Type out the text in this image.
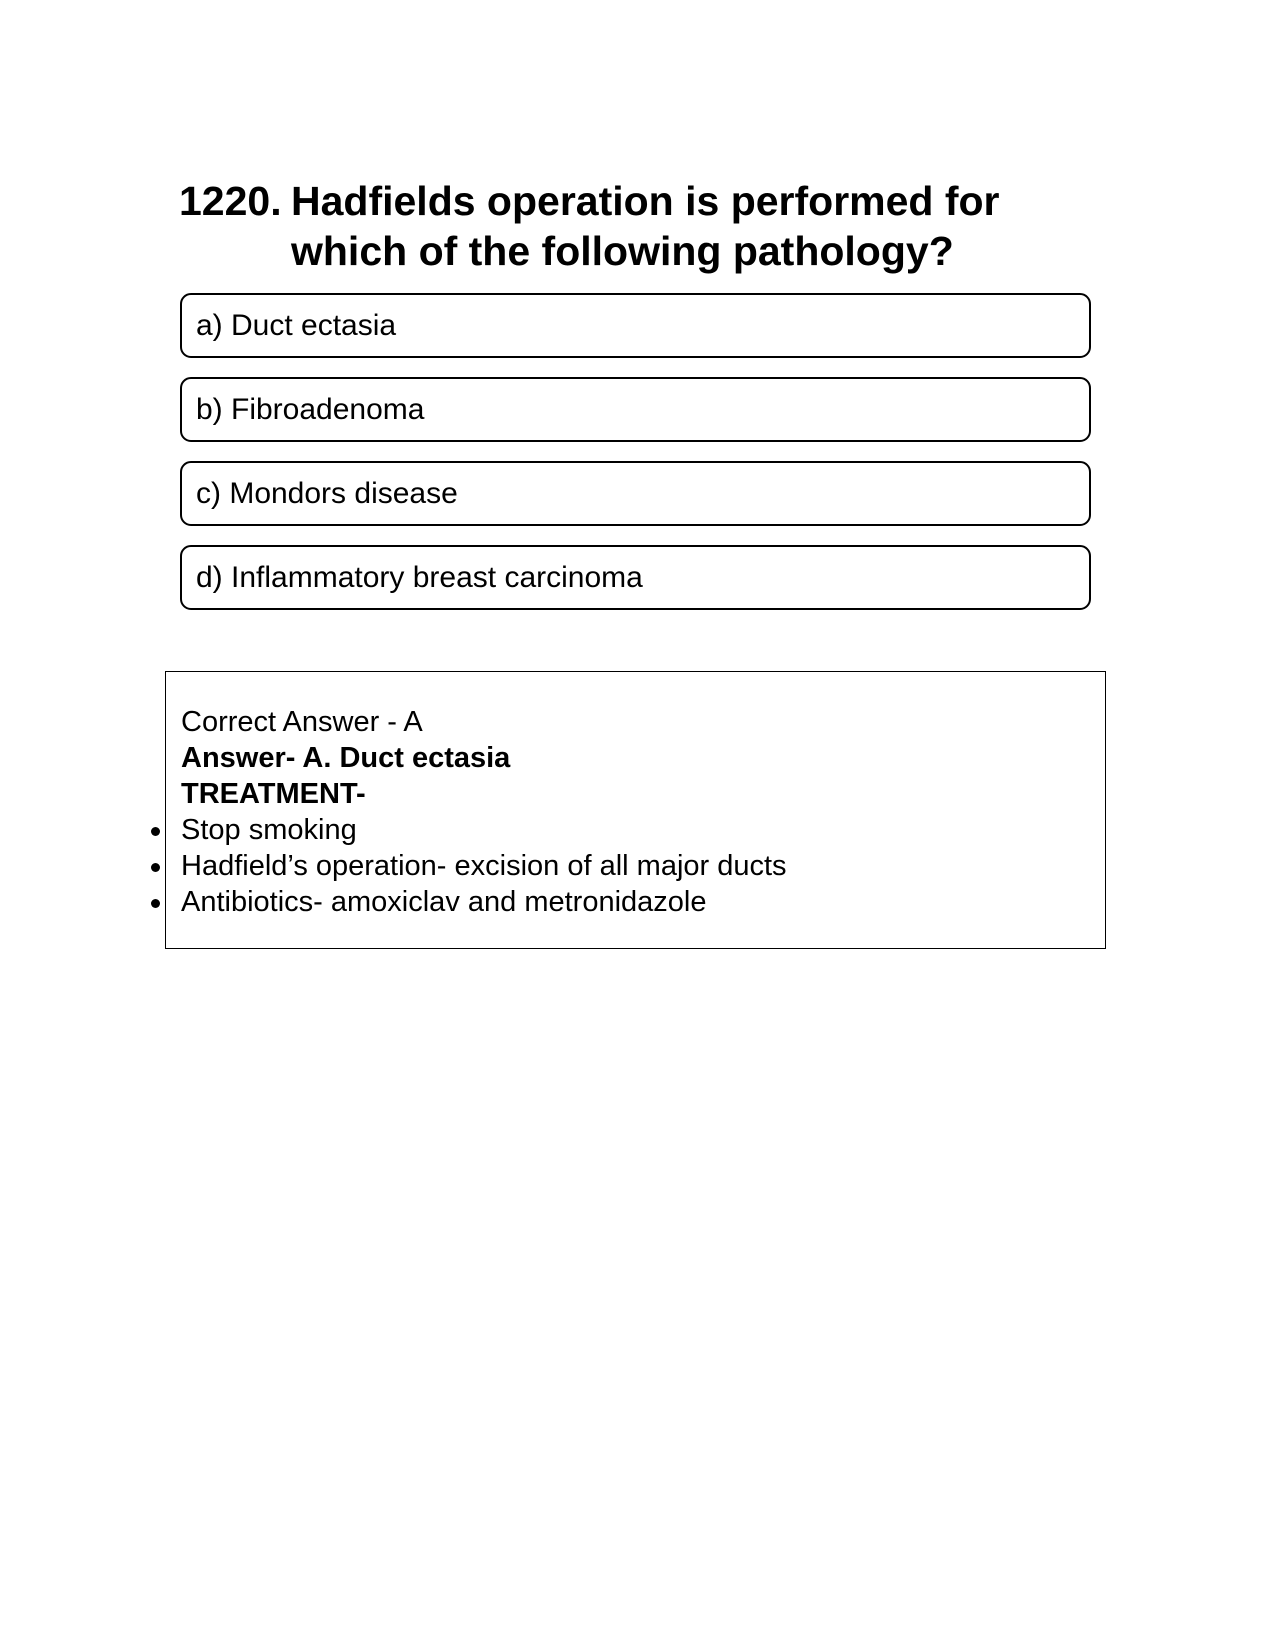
1220. Hadfields operation is performed for which of the following pathology?
a) Duct ectasia
b) Fibroadenoma
c) Mondors disease
d) Inflammatory breast carcinoma
Correct Answer - A
Answer- A. Duct ectasia
TREATMENT-
Stop smoking
Hadfield’s operation- excision of all major ducts
Antibiotics- amoxiclav and metronidazole
